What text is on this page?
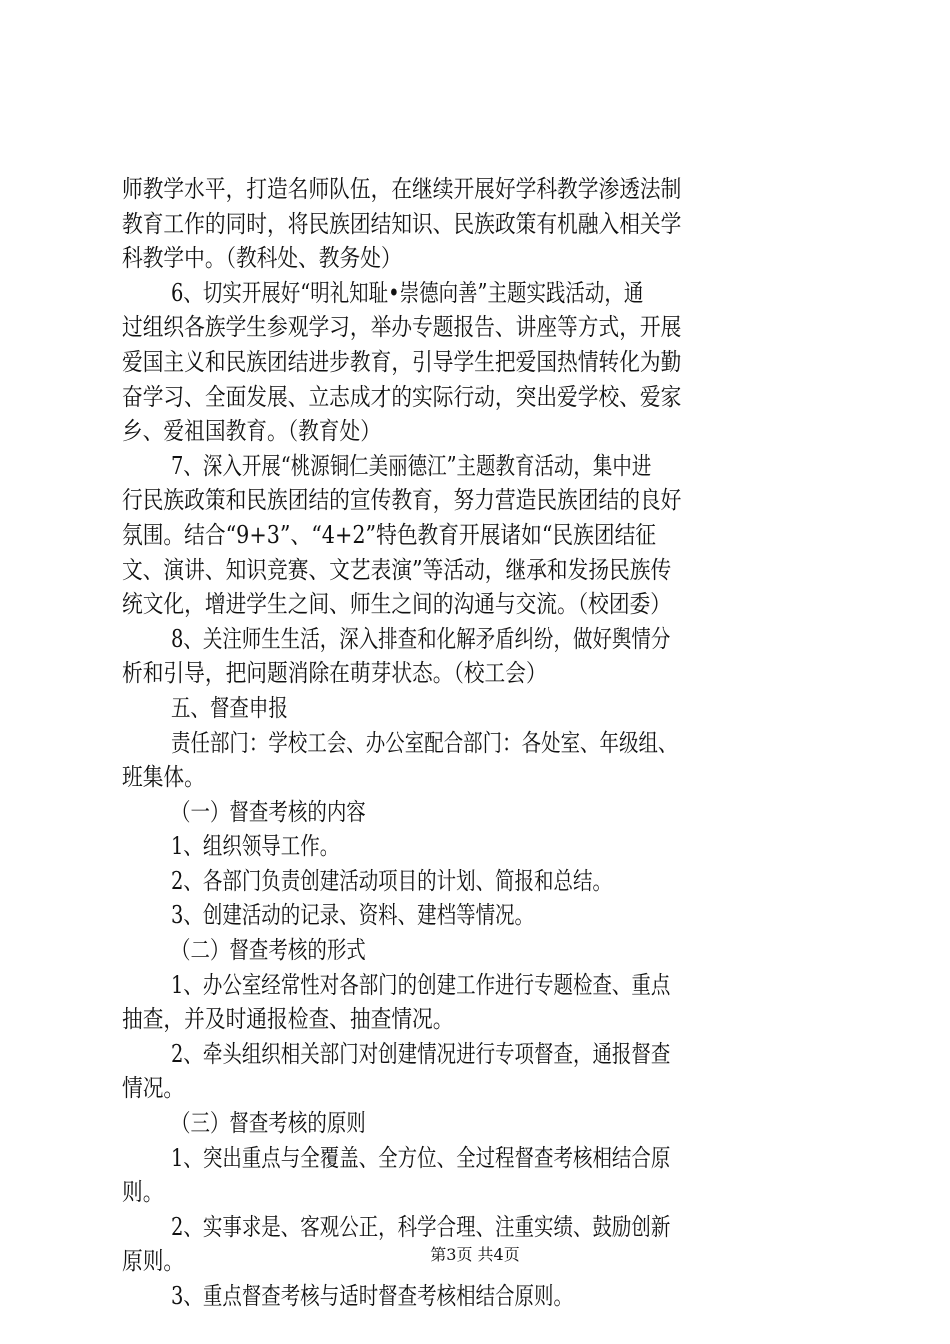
师教学水平，打造名师队伍，在继续开展好学科教学渗透法制
教育工作的同时，将民族团结知识、民族政策有机融入相关学
科教学中。（教科处、教务处）
6、切实开展好“明礼知耻•崇德向善”主题实践活动，通
过组织各族学生参观学习，举办专题报告、讲座等方式，开展
爱国主义和民族团结进步教育，引导学生把爱国热情转化为勤
奋学习、全面发展、立志成才的实际行动，突出爱学校、爱家
乡、爱祖国教育。（教育处）
7、深入开展“桃源铜仁美丽德江”主题教育活动，集中进
行民族政策和民族团结的宣传教育，努力营造民族团结的良好
氛围。结合“9+3”、“4+2”特色教育开展诸如“民族团结征
文、演讲、知识竞赛、文艺表演”等活动，继承和发扬民族传
统文化，增进学生之间、师生之间的沟通与交流。（校团委）
8、关注师生生活，深入排查和化解矛盾纠纷，做好舆情分
析和引导，把问题消除在萌芽状态。（校工会）
五、督查申报
责任部门：学校工会、办公室配合部门：各处室、年级组、
班集体。
（一）督查考核的内容
1、组织领导工作。
2、各部门负责创建活动项目的计划、简报和总结。
3、创建活动的记录、资料、建档等情况。
（二）督查考核的形式
1、办公室经常性对各部门的创建工作进行专题检查、重点
抽查，并及时通报检查、抽查情况。
2、牵头组织相关部门对创建情况进行专项督查，通报督查
情况。
（三）督查考核的原则
1、突出重点与全覆盖、全方位、全过程督查考核相结合原
则。
2、实事求是、客观公正，科学合理、注重实绩、鼓励创新
原则。
3、重点督查考核与适时督查考核相结合原则。
第3页 共4页
